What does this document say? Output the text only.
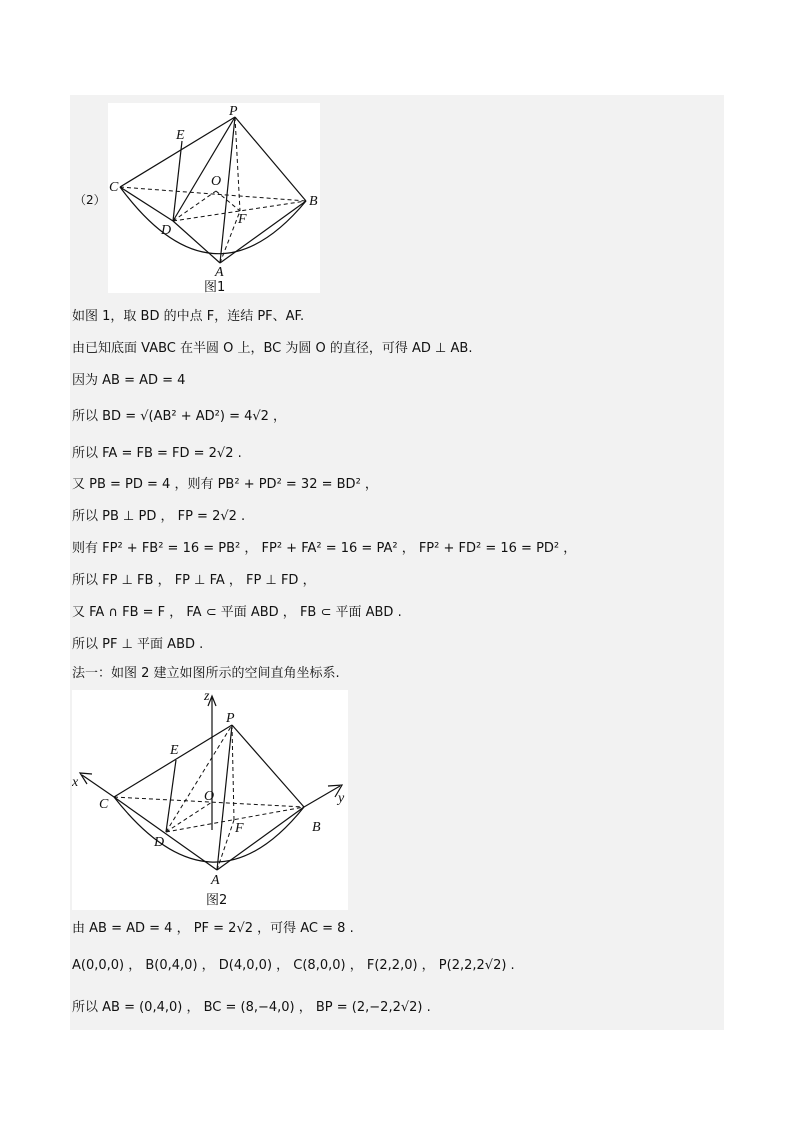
（2）
P
E
C	O
B
D
F
A
图1
如图 1，取 BD 的中点 F，连结 PF、AF.
由已知底面 VABC 在半圆 O 上，BC 为圆 O 的直径，可得 AD ⊥ AB.
因为 AB = AD = 4
所以 BD = √(AB² + AD²) = 4√2 ，
所以 FA = FB = FD = 2√2 .
又 PB = PD = 4 ，则有 PB² + PD² = 32 = BD² ，
所以 PB ⊥ PD ， FP = 2√2 .
则有 FP² + FB² = 16 = PB² ， FP² + FA² = 16 = PA² ， FP² + FD² = 16 = PD² ，
所以 FP ⊥ FB ， FP ⊥ FA ， FP ⊥ FD ，
又 FA ∩ FB = F ， FA ⊂ 平面 ABD ， FB ⊂ 平面 ABD .
所以 PF ⊥ 平面 ABD .
法一：如图 2 建立如图所示的空间直角坐标系.
z
P
E
x
C
O	y
B
D
F
A
图2
由 AB = AD = 4 ， PF = 2√2 ，可得 AC = 8 .
A(0,0,0) ， B(0,4,0) ， D(4,0,0) ， C(8,0,0) ， F(2,2,0) ， P(2,2,2√2) .
所以 AB = (0,4,0) ， BC = (8,−4,0) ， BP = (2,−2,2√2) .
